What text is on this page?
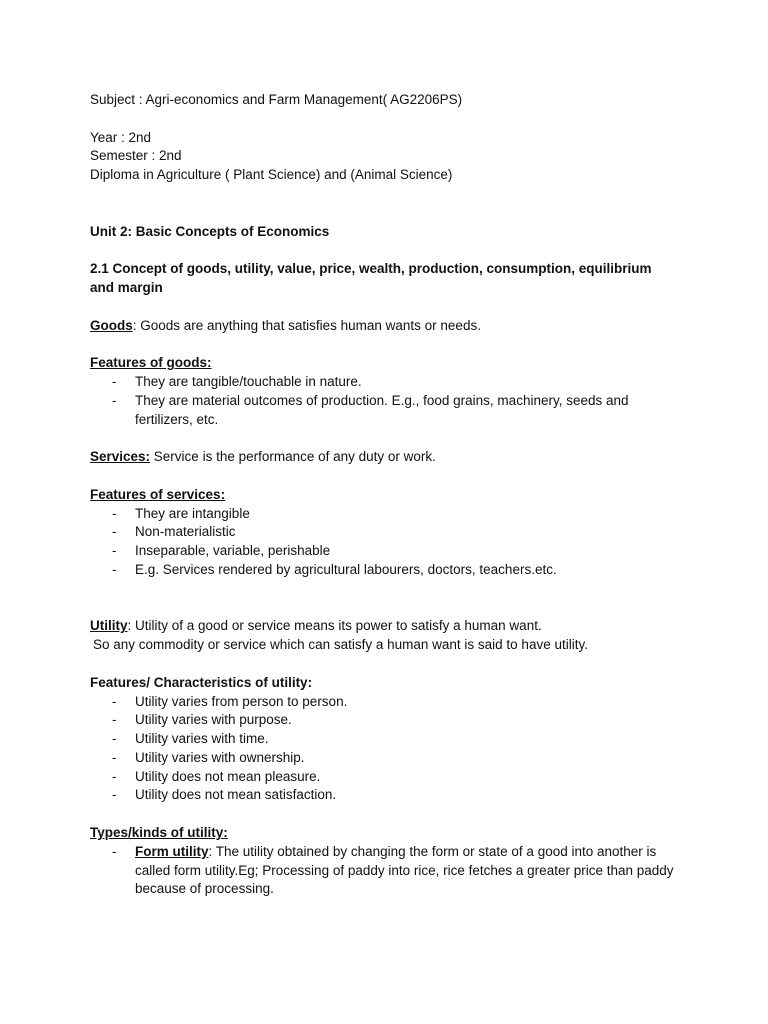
Subject : Agri-economics and Farm Management( AG2206PS)

Year : 2nd

Semester : 2nd

Diploma in Agriculture ( Plant Science) and (Animal Science)

Unit 2: Basic Concepts of Economics

2.1 Concept of goods, utility, value, price, wealth, production, consumption, equilibrium and margin

Goods: Goods are anything that satisfies human wants or needs.

Features of goods:

- They are tangible/touchable in nature.
- They are material outcomes of production. E.g., food grains, machinery, seeds and fertilizers, etc.

Services: Service is the performance of any duty or work.

Features of services:

- They are intangible
- Non-materialistic
- Inseparable, variable, perishable
- E.g. Services rendered by agricultural labourers, doctors, teachers.etc.

Utility: Utility of a good or service means its power to satisfy a human want.

So any commodity or service which can satisfy a human want is said to have utility.

Features/ Characteristics of utility:

- Utility varies from person to person.
- Utility varies with purpose.
- Utility varies with time.
- Utility varies with ownership.
- Utility does not mean pleasure.
- Utility does not mean satisfaction.

Types/kinds of utility:

- Form utility: The utility obtained by changing the form or state of a good into another is called form utility.Eg; Processing of paddy into rice, rice fetches a greater price than paddy because of processing.
